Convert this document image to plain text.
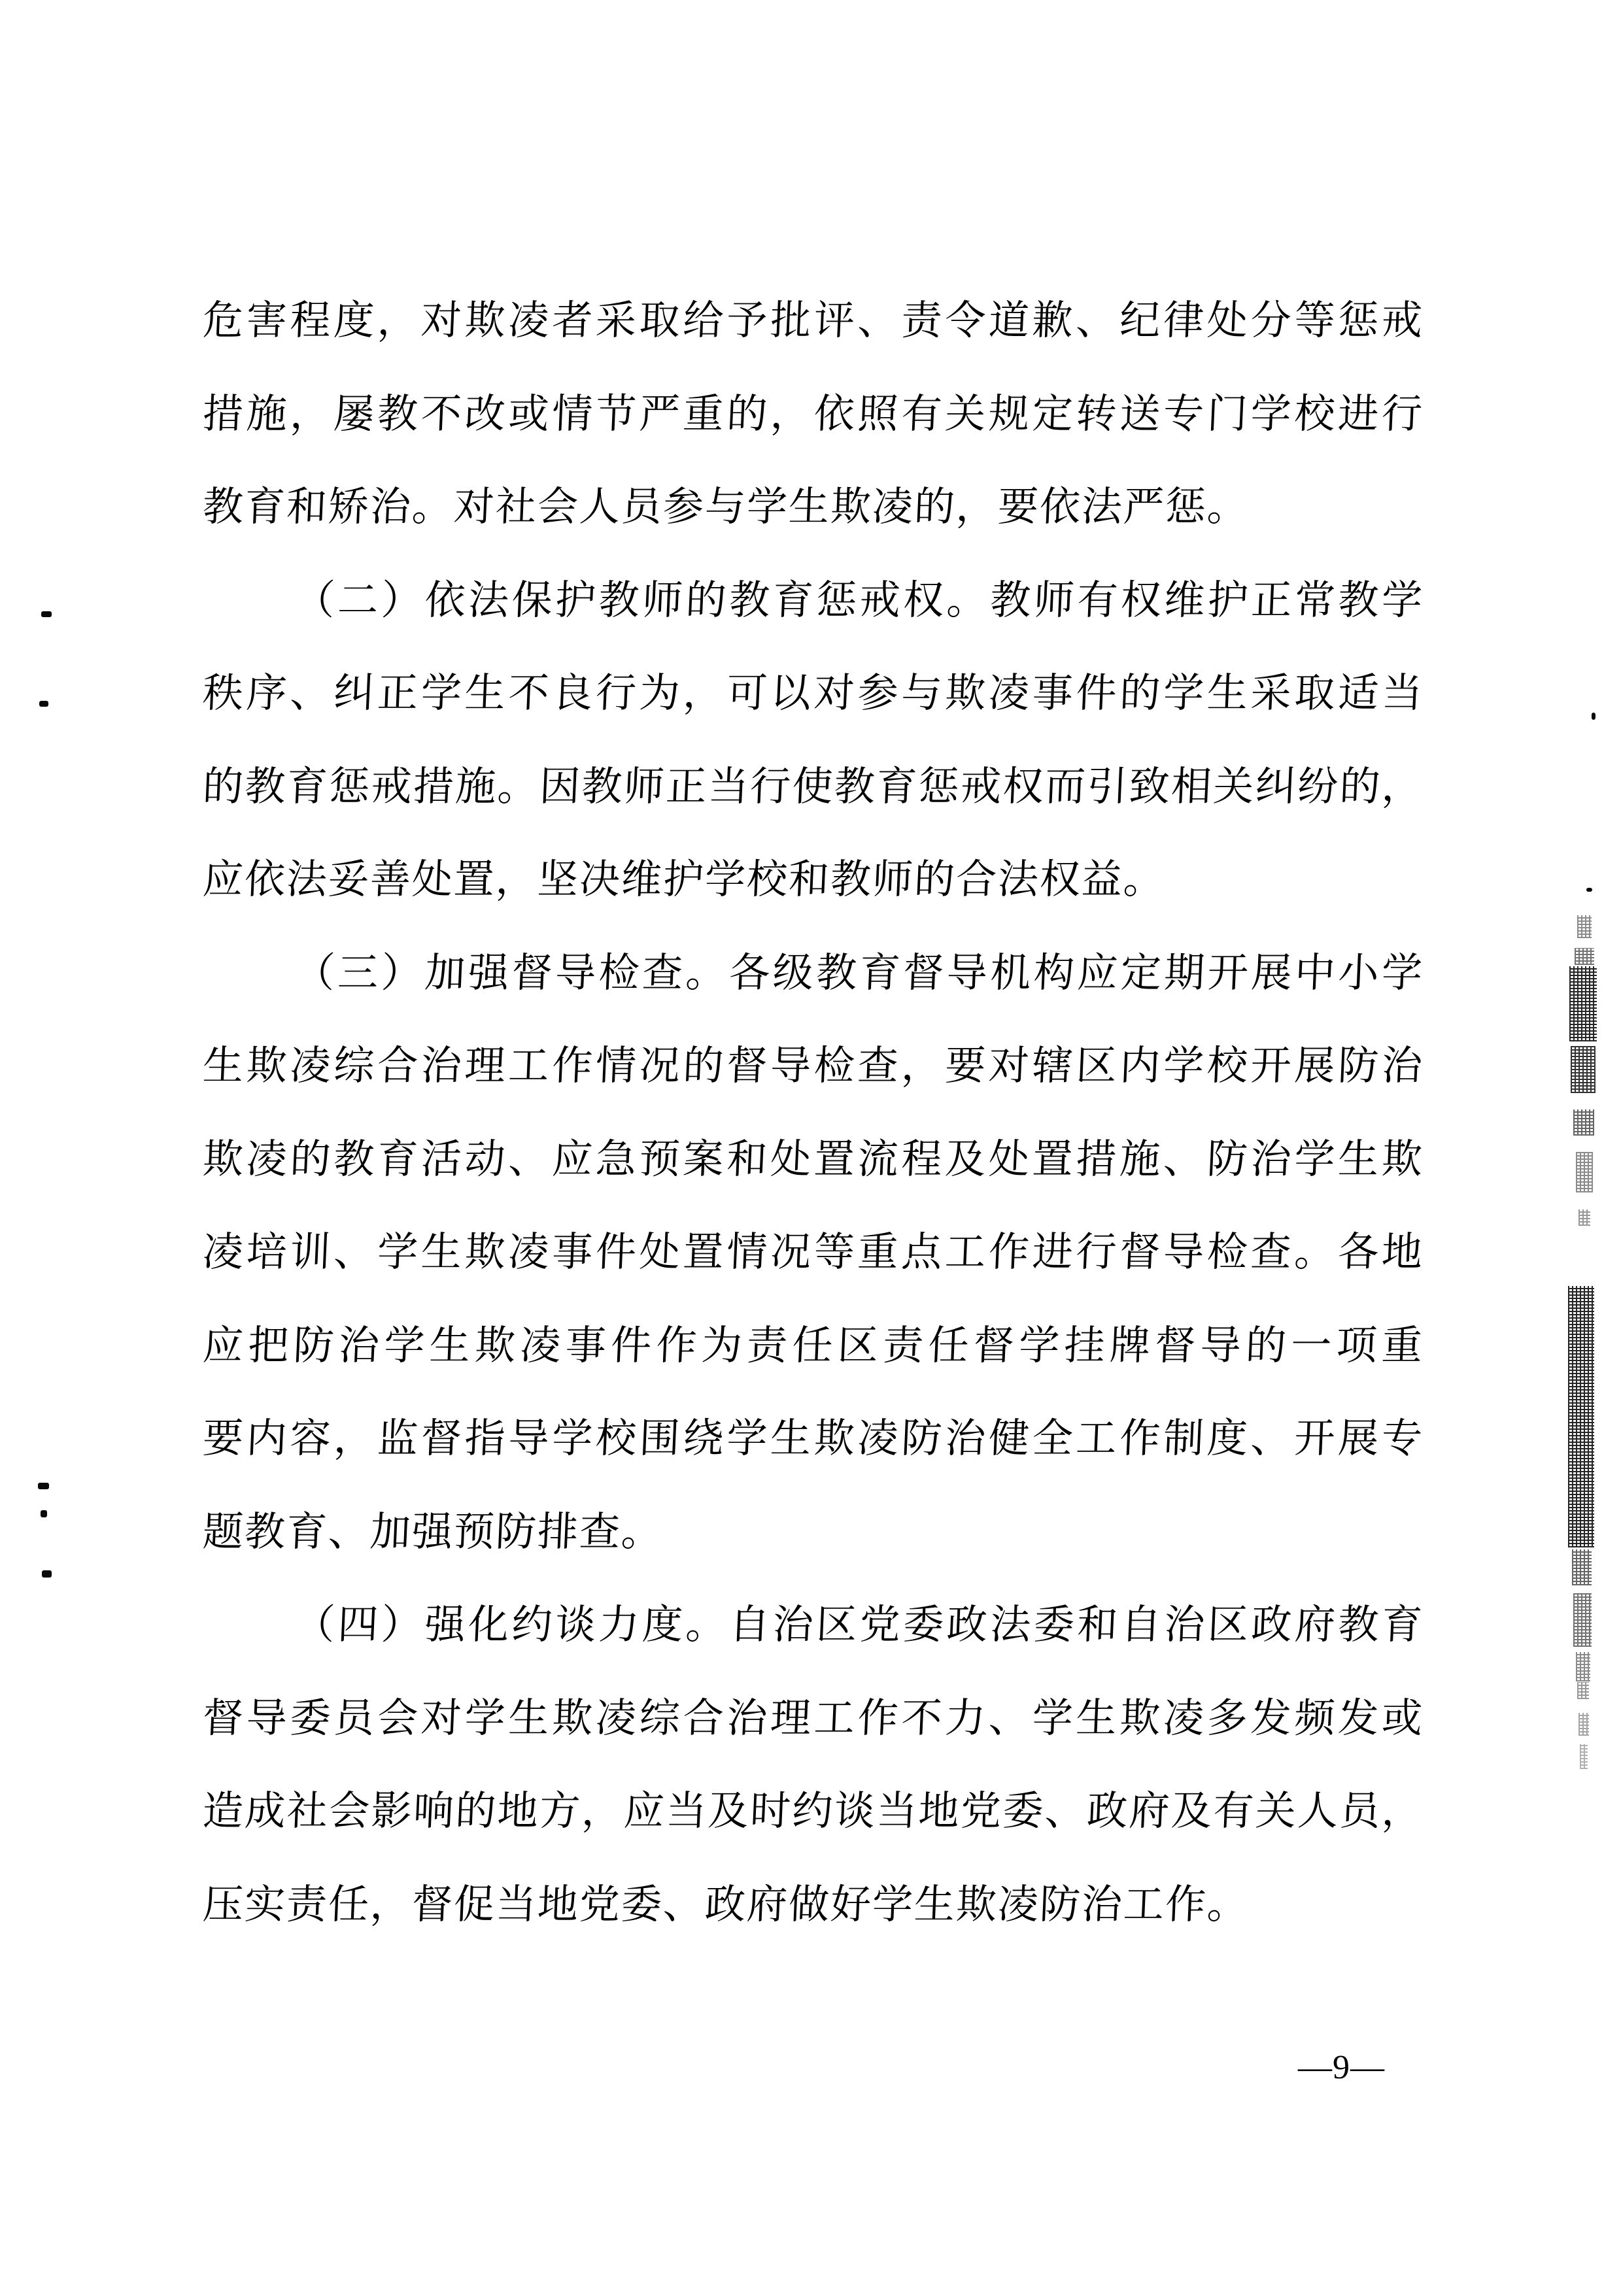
危害程度，对欺凌者采取给予批评、责令道歉、纪律处分等惩戒
措施，屡教不改或情节严重的，依照有关规定转送专门学校进行
教育和矫治。对社会人员参与学生欺凌的，要依法严惩。
（二）依法保护教师的教育惩戒权。教师有权维护正常教学
秩序、纠正学生不良行为，可以对参与欺凌事件的学生采取适当
的教育惩戒措施。因教师正当行使教育惩戒权而引致相关纠纷的，
应依法妥善处置，坚决维护学校和教师的合法权益。
（三）加强督导检查。各级教育督导机构应定期开展中小学
生欺凌综合治理工作情况的督导检查，要对辖区内学校开展防治
欺凌的教育活动、应急预案和处置流程及处置措施、防治学生欺
凌培训、学生欺凌事件处置情况等重点工作进行督导检查。各地
应把防治学生欺凌事件作为责任区责任督学挂牌督导的一项重
要内容，监督指导学校围绕学生欺凌防治健全工作制度、开展专
题教育、加强预防排查。
（四）强化约谈力度。自治区党委政法委和自治区政府教育
督导委员会对学生欺凌综合治理工作不力、学生欺凌多发频发或
造成社会影响的地方，应当及时约谈当地党委、政府及有关人员，
压实责任，督促当地党委、政府做好学生欺凌防治工作。
—9—
